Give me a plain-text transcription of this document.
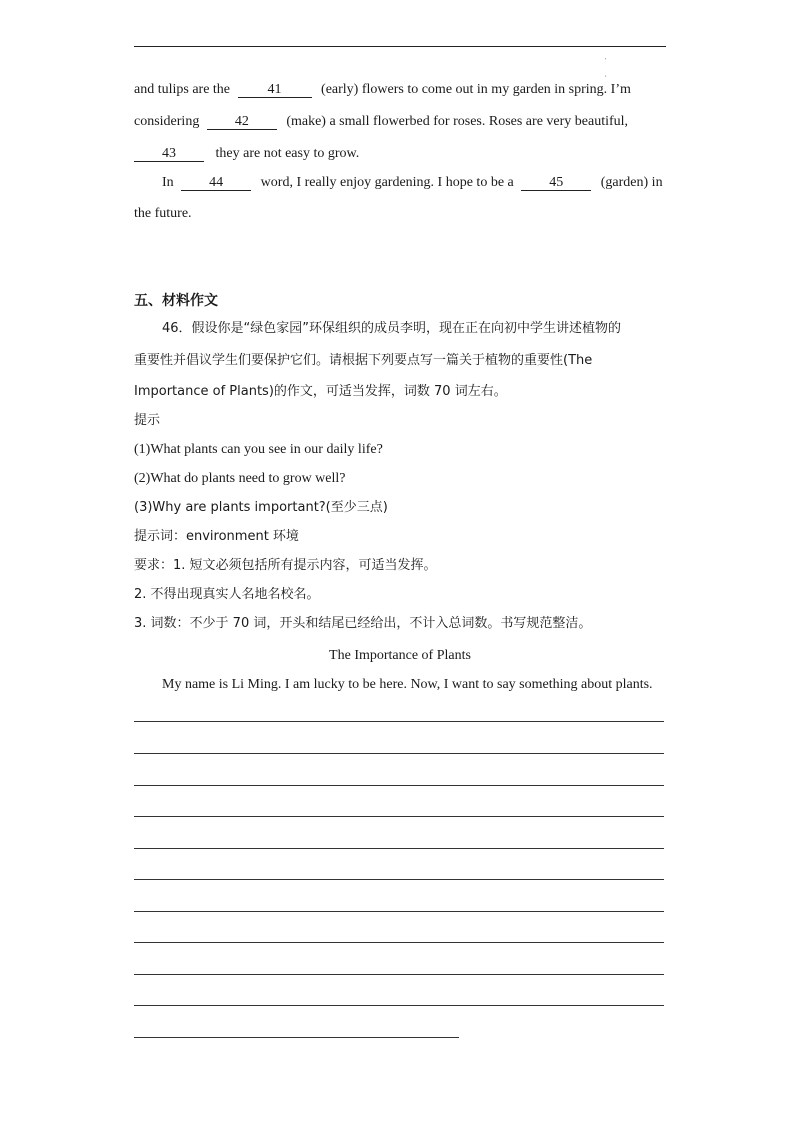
'
,
and tulips are the	41	(early) flowers to come out in my garden in spring. I’m
considering	42	(make) a small flowerbed for roses. Roses are very beautiful,
43	they are not easy to grow.
In	44	word, I really enjoy gardening. I hope to be a	45	(garden) in
the future.
五、材料作文
46．假设你是“绿色家园”环保组织的成员李明，现在正在向初中学生讲述植物的
重要性并倡议学生们要保护它们。请根据下列要点写一篇关于植物的重要性(The
Importance of Plants)的作文，可适当发挥，词数 70 词左右。
提示
(1)What plants can you see in our daily life?
(2)What do plants need to grow well?
(3)Why are plants important?(至少三点)
提示词：environment 环境
要求：1. 短文必须包括所有提示内容，可适当发挥。
2. 不得出现真实人名地名校名。
3. 词数：不少于 70 词，开头和结尾已经给出，不计入总词数。书写规范整洁。
The Importance of Plants
My name is Li Ming. I am lucky to be here. Now, I want to say something about plants.
